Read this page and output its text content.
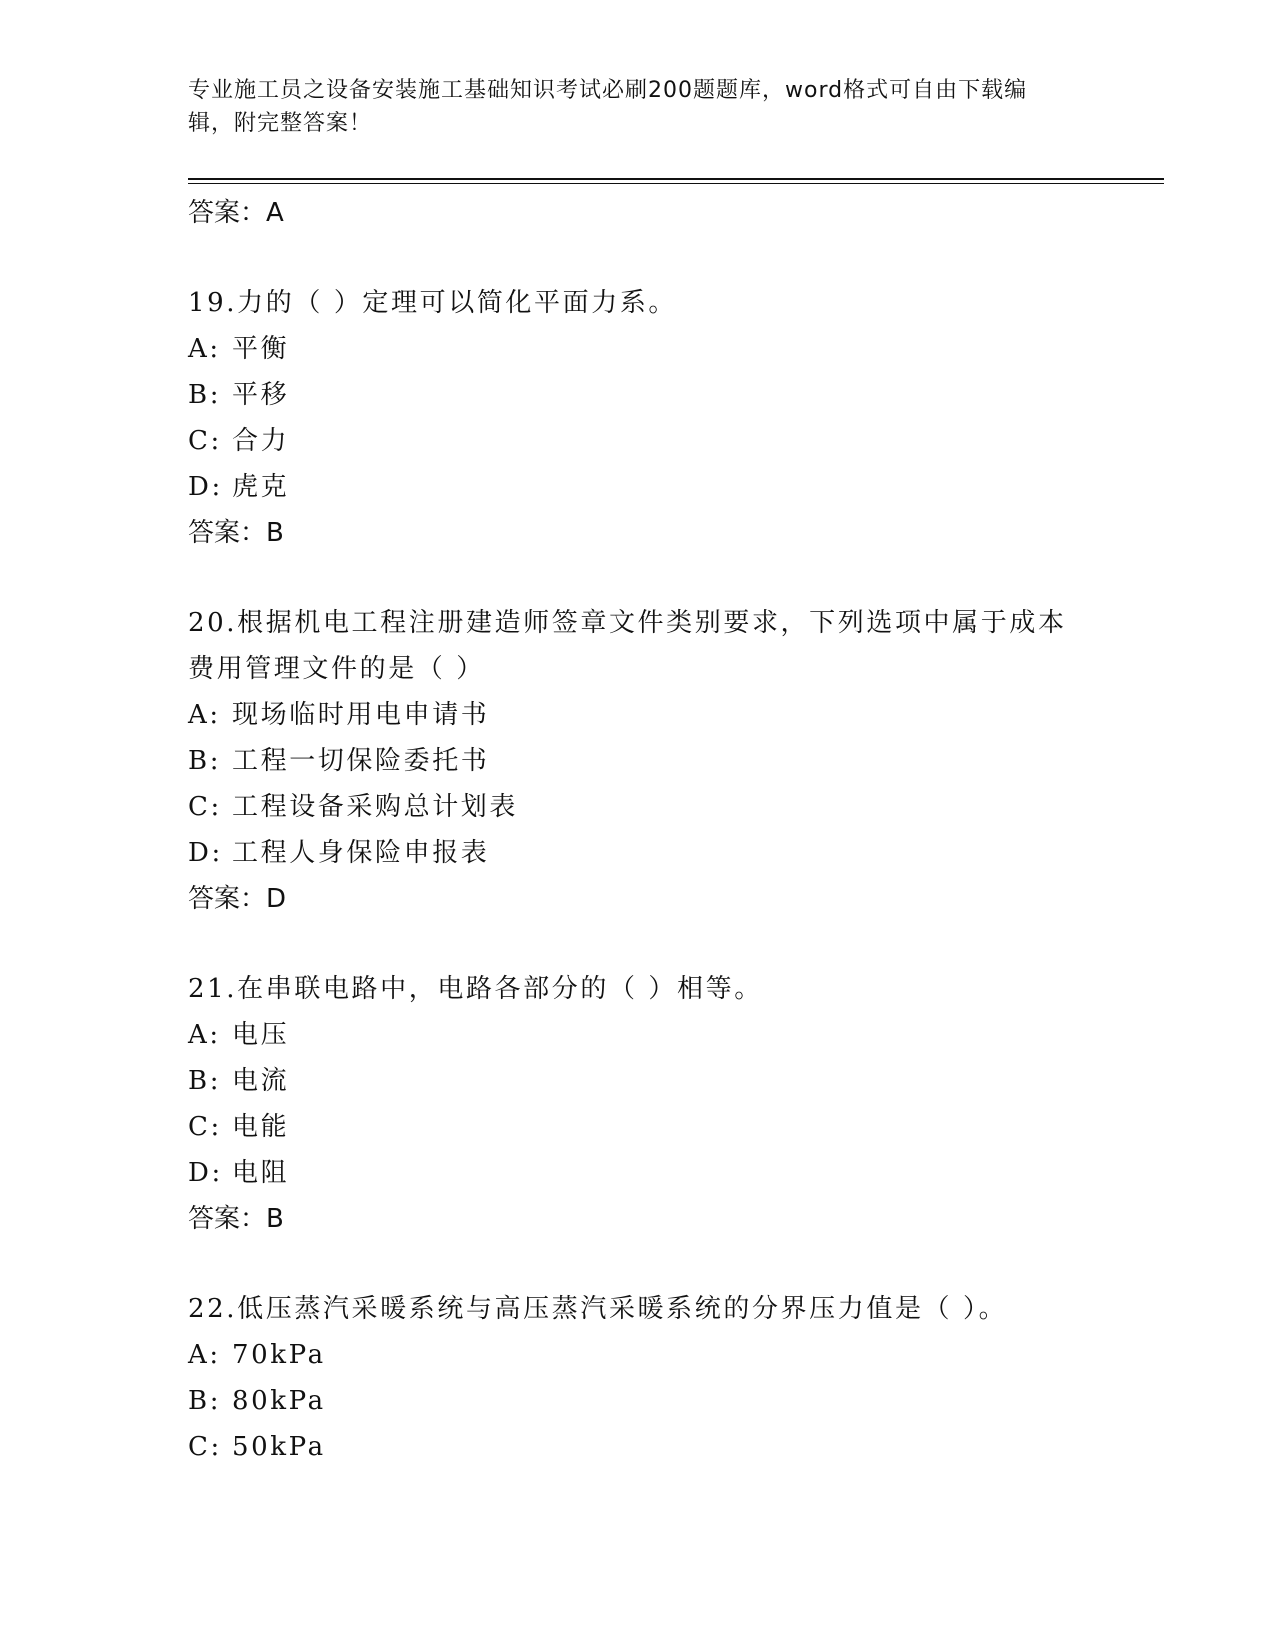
专业施工员之设备安装施工基础知识考试必刷200题题库，word格式可自由下载编辑，附完整答案！

答案：A

19.力的（ ）定理可以简化平面力系。

A: 平衡

B: 平移

C: 合力

D: 虎克

答案：B

20.根据机电工程注册建造师签章文件类别要求，下列选项中属于成本费用管理文件的是（ ）

A: 现场临时用电申请书

B: 工程一切保险委托书

C: 工程设备采购总计划表

D: 工程人身保险申报表

答案：D

21.在串联电路中，电路各部分的（ ）相等。

A: 电压

B: 电流

C: 电能

D: 电阻

答案：B

22.低压蒸汽采暖系统与高压蒸汽采暖系统的分界压力值是（ ）。

A: 70kPa

B: 80kPa

C: 50kPa
